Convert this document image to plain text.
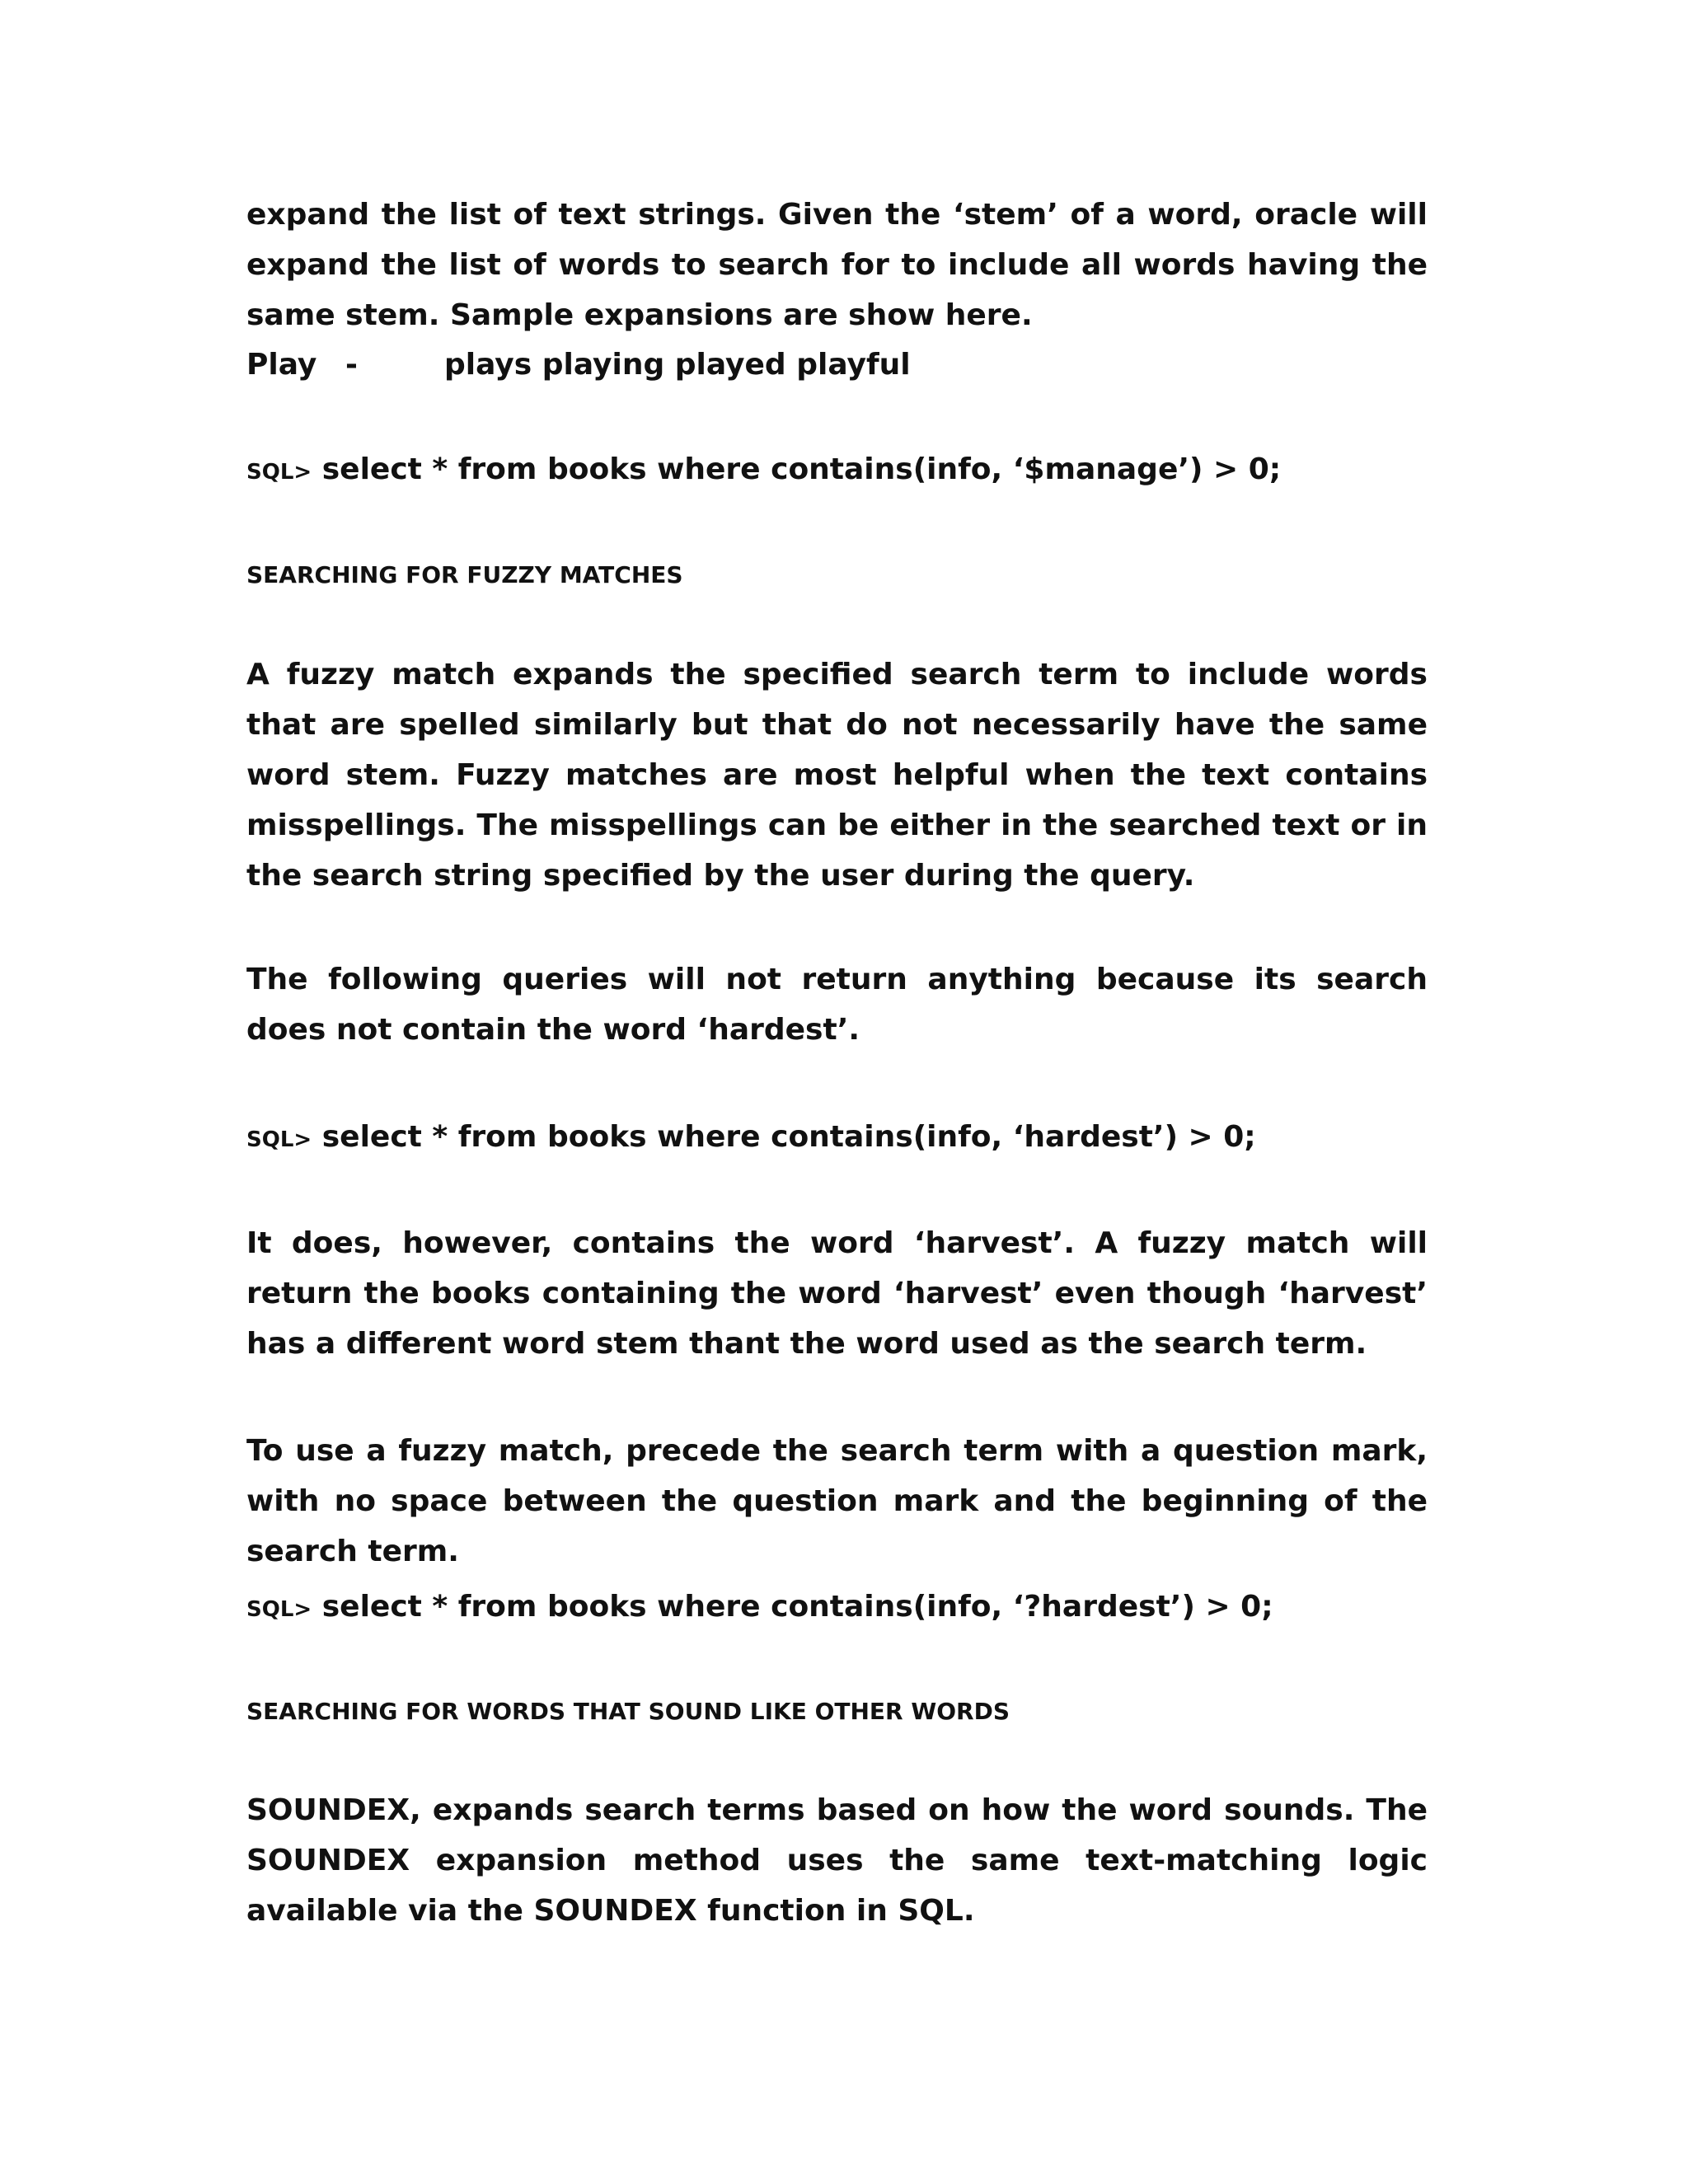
expand the list of text strings. Given the ‘stem’ of a word, oracle will expand the list of words to search for to include all words having the same stem. Sample expansions are show here.

Play -	plays playing played playful
SQL> select * from books where contains(info, ‘$manage’) > 0;
SEARCHING FOR FUZZY MATCHES

A fuzzy match expands the specified search term to include words that are spelled similarly but that do not necessarily have the same word stem. Fuzzy matches are most helpful when the text contains misspellings. The misspellings can be either in the searched text or in the search string specified by the user during the query.

The following queries will not return anything because its search does not contain the word ‘hardest’.

SQL> select * from books where contains(info, ‘hardest’) > 0;

It does, however, contains the word ‘harvest’. A fuzzy match will return the books containing the word ‘harvest’ even though ‘harvest’ has a different word stem thant the word used as the search term.

To use a fuzzy match, precede the search term with a question mark, with no space between the question mark and the beginning of the search term.

SQL> select * from books where contains(info, ‘?hardest’) > 0;
SEARCHING FOR WORDS THAT SOUND LIKE OTHER WORDS

SOUNDEX, expands search terms based on how the word sounds. The SOUNDEX expansion method uses the same text-matching logic available via the SOUNDEX function in SQL.
